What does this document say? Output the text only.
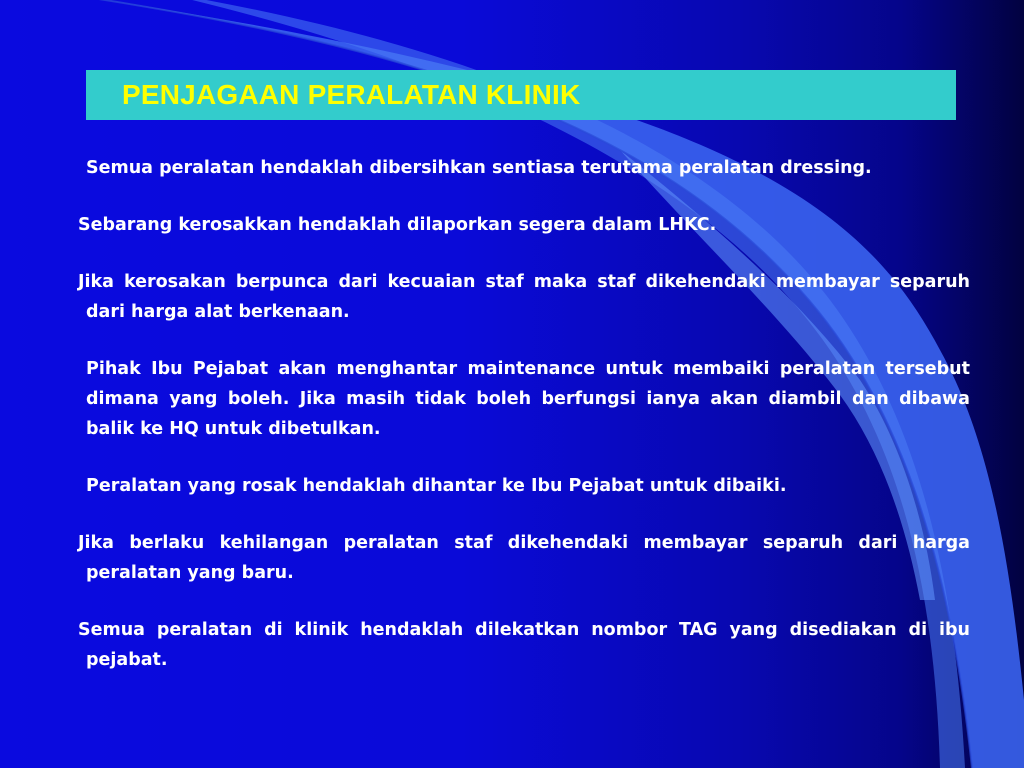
PENJAGAAN PERALATAN KLINIK

Semua peralatan hendaklah dibersihkan sentiasa terutama peralatan dressing.

Sebarang kerosakkan hendaklah dilaporkan segera dalam LHKC.

Jika kerosakan berpunca dari kecuaian staf maka staf dikehendaki membayar separuh dari harga alat berkenaan.

Pihak Ibu Pejabat akan menghantar maintenance untuk membaiki peralatan tersebut dimana yang boleh. Jika masih tidak boleh berfungsi ianya akan diambil dan dibawa balik ke HQ untuk dibetulkan.

Peralatan yang rosak hendaklah dihantar ke Ibu Pejabat untuk dibaiki.

Jika berlaku kehilangan peralatan staf dikehendaki membayar separuh dari harga peralatan yang baru.

Semua peralatan di klinik hendaklah dilekatkan nombor TAG yang disediakan di ibu pejabat.
